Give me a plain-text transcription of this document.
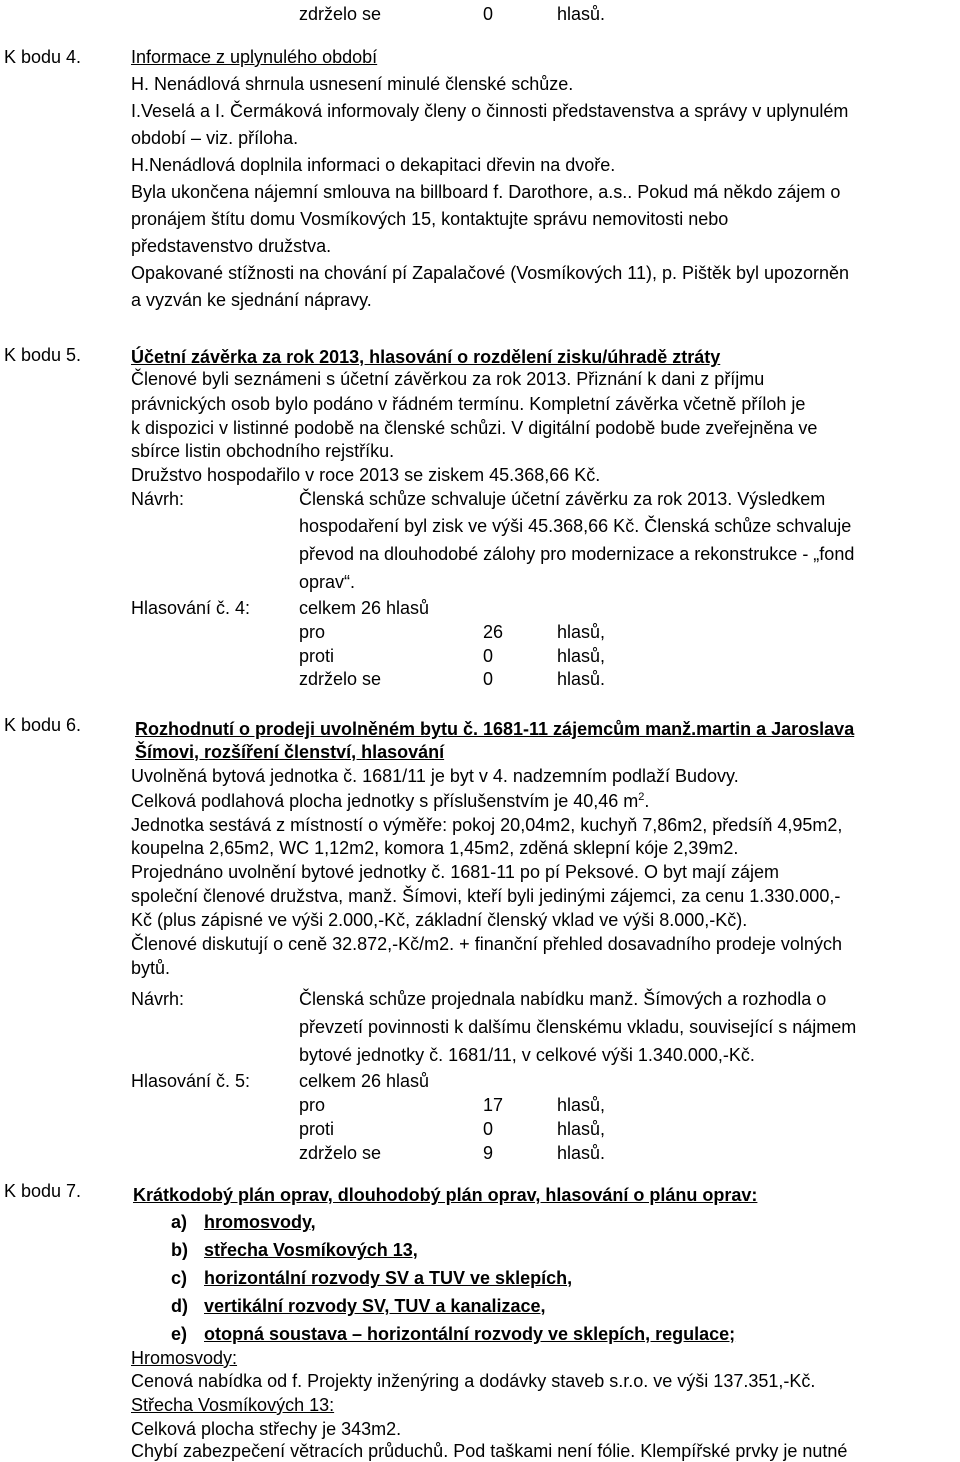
zdrželo se	0	hlasů.
K bodu 4.	Informace z uplynulého období
H. Nenádlová shrnula usnesení minulé členské schůze.
I.Veselá a I. Čermáková informovaly členy o činnosti představenstva a správy v uplynulém
období – viz. příloha.
H.Nenádlová doplnila informaci o dekapitaci dřevin na dvoře.
Byla ukončena nájemní smlouva na billboard f. Darothore, a.s.. Pokud má někdo zájem o
pronájem štítu domu Vosmíkových 15, kontaktujte správu nemovitosti nebo
představenstvo družstva.
Opakované stížnosti na chování pí Zapalačové (Vosmíkových 11), p. Pištěk byl upozorněn
a vyzván ke sjednání nápravy.
K bodu 5.	Účetní závěrka za rok 2013, hlasování o rozdělení zisku/úhradě ztráty
Členové byli seznámeni s účetní závěrkou za rok 2013. Přiznání k dani z příjmu
právnických osob bylo podáno v řádném termínu. Kompletní závěrka včetně příloh je
k dispozici v listinné podobě na členské schůzi. V digitální podobě bude zveřejněna ve
sbírce listin obchodního rejstříku.
Družstvo hospodařilo v roce 2013 se ziskem 45.368,66 Kč.
Návrh:	Členská schůze schvaluje účetní závěrku za rok 2013. Výsledkem
hospodaření byl zisk ve výši 45.368,66 Kč. Členská schůze schvaluje
převod na dlouhodobé zálohy pro modernizace a rekonstrukce - „fond
oprav“.
Hlasování č. 4:	celkem 26 hlasů
pro	26	hlasů,
proti	0	hlasů,
zdrželo se	0	hlasů.
K bodu 6.	Rozhodnutí o prodeji uvolněném bytu č. 1681-11 zájemcům manž.martin a Jaroslava
Šímovi, rozšíření členství, hlasování
Uvolněná bytová jednotka č. 1681/11 je byt v 4. nadzemním podlaží Budovy.
Celková podlahová plocha jednotky s příslušenstvím je 40,46 $m^2$.
Jednotka sestává z místností o výměře: pokoj 20,04m2, kuchyň 7,86m2, předsíň 4,95m2,
koupelna 2,65m2, WC 1,12m2, komora 1,45m2, zděná sklepní kóje 2,39m2.
Projednáno uvolnění bytové jednotky č. 1681-11 po pí Peksové. O byt mají zájem
společní členové družstva, manž. Šímovi, kteří byli jedinými zájemci, za cenu 1.330.000,-
Kč (plus zápisné ve výši 2.000,-Kč, základní členský vklad ve výši 8.000,-Kč).
Členové diskutují o ceně 32.872,-Kč/m2. + finanční přehled dosavadního prodeje volných
bytů.
Návrh:	Členská schůze projednala nabídku manž. Šímových a rozhodla o
převzetí povinnosti k dalšímu členskému vkladu, související s nájmem
bytové jednotky č. 1681/11, v celkové výši 1.340.000,-Kč.
Hlasování č. 5:	celkem 26 hlasů
pro	17	hlasů,
proti	0	hlasů,
zdrželo se	9	hlasů.
K bodu 7.	Krátkodobý plán oprav, dlouhodobý plán oprav, hlasování o plánu oprav:
a) hromosvody,
b) střecha Vosmíkových 13,
c) horizontální rozvody SV a TUV ve sklepích,
d) vertikální rozvody SV, TUV a kanalizace,
e) otopná soustava – horizontální rozvody ve sklepích, regulace;
Hromosvody:
Cenová nabídka od f. Projekty inženýring a dodávky staveb s.r.o. ve výši 137.351,-Kč.
Střecha Vosmíkových 13:
Celková plocha střechy je 343m2.
Chybí zabezpečení větracích průduchů. Pod taškami není fólie. Klempířské prvky je nutné
